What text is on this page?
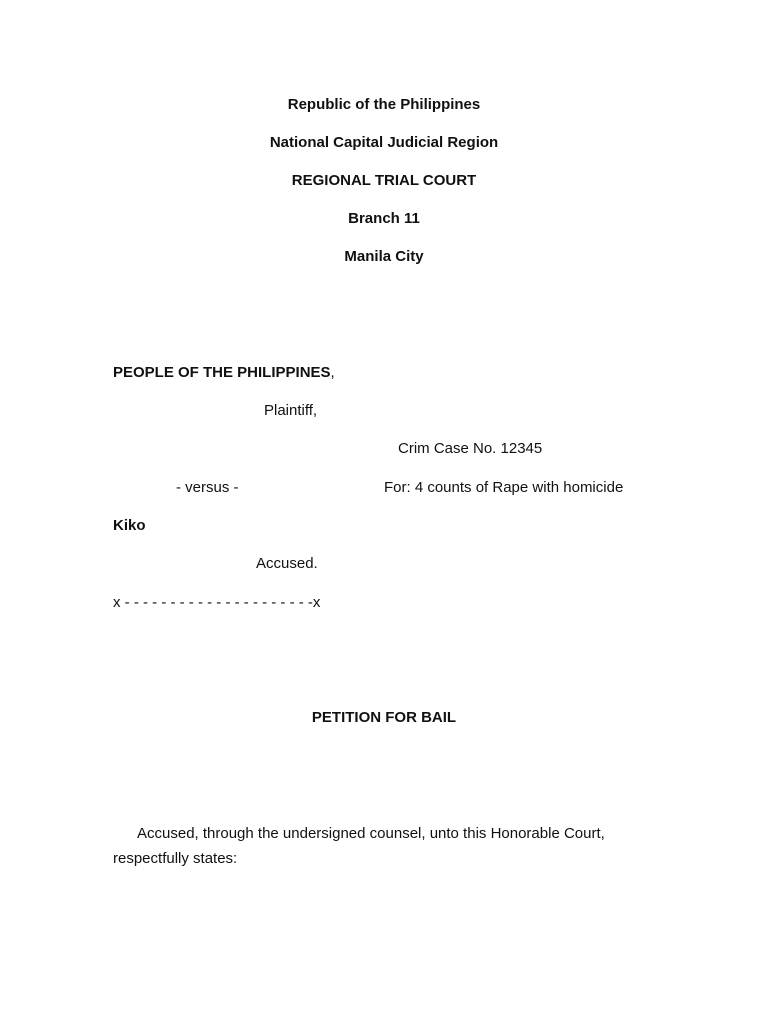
Republic of the Philippines
National Capital Judicial Region
REGIONAL TRIAL COURT
Branch 11
Manila City
PEOPLE OF THE PHILIPPINES,
Plaintiff,
Crim Case No. 12345
- versus -	For: 4 counts of Rape with homicide
Kiko
Accused.
x - - - - - - - - - - - - - - - - - - - - -x
PETITION FOR BAIL
Accused, through the undersigned counsel, unto this Honorable Court,
respectfully states:
